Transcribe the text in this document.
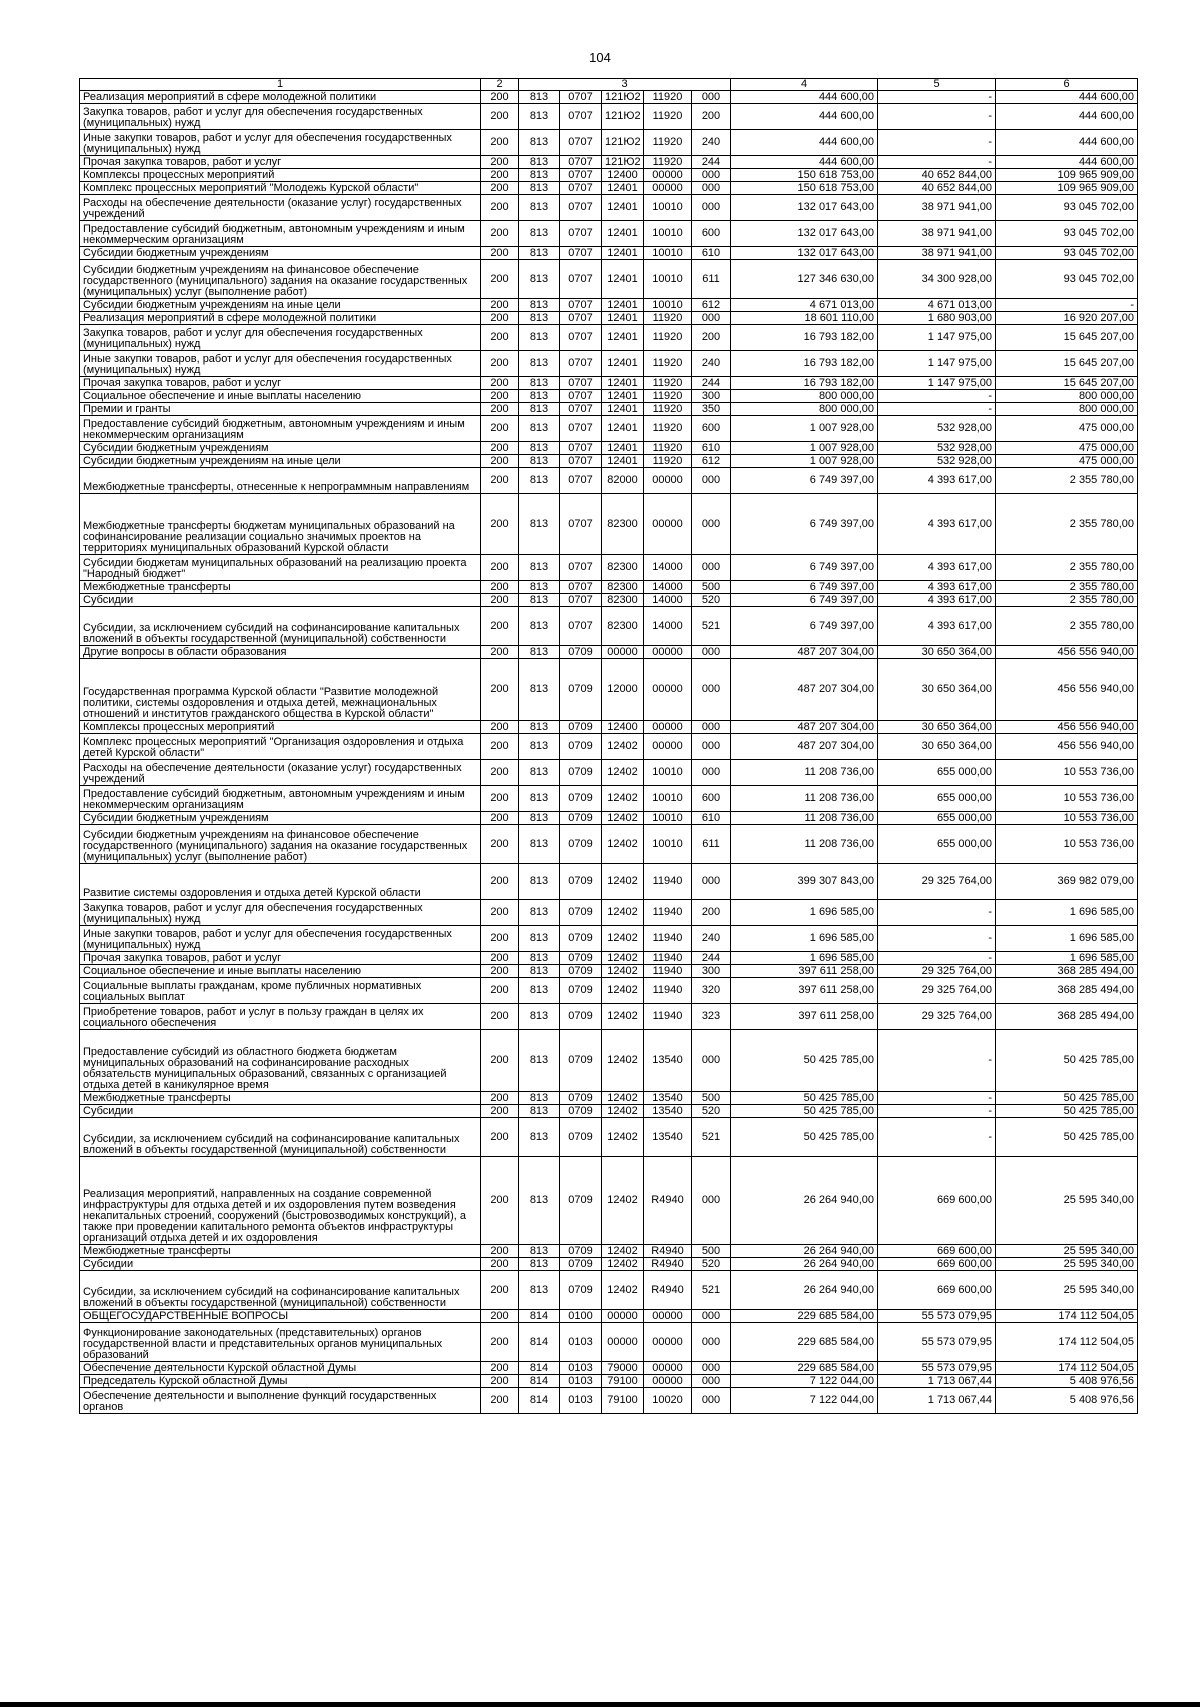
104
1	2	3					4	5	6
Реализация мероприятий в сфере молодежной политики	200	813	0707	121Ю2	11920	000	444 600,00	-	444 600,00
Закупка товаров, работ и услуг для обеспечения государственных (муниципальных) нужд	200	813	0707	121Ю2	11920	200	444 600,00	-	444 600,00
Иные закупки товаров, работ и услуг для обеспечения государственных (муниципальных) нужд	200	813	0707	121Ю2	11920	240	444 600,00	-	444 600,00
Прочая закупка товаров, работ и услуг	200	813	0707	121Ю2	11920	244	444 600,00	-	444 600,00
Комплексы процессных мероприятий	200	813	0707	12400	00000	000	150 618 753,00	40 652 844,00	109 965 909,00
Комплекс процессных мероприятий "Молодежь Курской области"	200	813	0707	12401	00000	000	150 618 753,00	40 652 844,00	109 965 909,00
Расходы на обеспечение деятельности (оказание услуг) государственных учреждений	200	813	0707	12401	10010	000	132 017 643,00	38 971 941,00	93 045 702,00
Предоставление субсидий бюджетным, автономным учреждениям и иным некоммерческим организациям	200	813	0707	12401	10010	600	132 017 643,00	38 971 941,00	93 045 702,00
Субсидии бюджетным учреждениям	200	813	0707	12401	10010	610	132 017 643,00	38 971 941,00	93 045 702,00
Субсидии бюджетным учреждениям на финансовое обеспечение государственного (муниципального) задания на оказание государственных (муниципальных) услуг (выполнение работ)	200	813	0707	12401	10010	611	127 346 630,00	34 300 928,00	93 045 702,00
Субсидии бюджетным учреждениям на иные цели	200	813	0707	12401	10010	612	4 671 013,00	4 671 013,00	-
Реализация мероприятий в сфере молодежной политики	200	813	0707	12401	11920	000	18 601 110,00	1 680 903,00	16 920 207,00
Закупка товаров, работ и услуг для обеспечения государственных (муниципальных) нужд	200	813	0707	12401	11920	200	16 793 182,00	1 147 975,00	15 645 207,00
Иные закупки товаров, работ и услуг для обеспечения государственных (муниципальных) нужд	200	813	0707	12401	11920	240	16 793 182,00	1 147 975,00	15 645 207,00
Прочая закупка товаров, работ и услуг	200	813	0707	12401	11920	244	16 793 182,00	1 147 975,00	15 645 207,00
Социальное обеспечение и иные выплаты населению	200	813	0707	12401	11920	300	800 000,00	-	800 000,00
Премии и гранты	200	813	0707	12401	11920	350	800 000,00	-	800 000,00
Предоставление субсидий бюджетным, автономным учреждениям и иным некоммерческим организациям	200	813	0707	12401	11920	600	1 007 928,00	532 928,00	475 000,00
Субсидии бюджетным учреждениям	200	813	0707	12401	11920	610	1 007 928,00	532 928,00	475 000,00
Субсидии бюджетным учреждениям на иные цели	200	813	0707	12401	11920	612	1 007 928,00	532 928,00	475 000,00
Межбюджетные трансферты, отнесенные к непрограммным направлениям	200	813	0707	82000	00000	000	6 749 397,00	4 393 617,00	2 355 780,00
Межбюджетные трансферты бюджетам муниципальных образований на софинансирование реализации социально значимых проектов на территориях муниципальных образований Курской области	200	813	0707	82300	00000	000	6 749 397,00	4 393 617,00	2 355 780,00
Субсидии бюджетам муниципальных образований на реализацию проекта "Народный бюджет"	200	813	0707	82300	14000	000	6 749 397,00	4 393 617,00	2 355 780,00
Межбюджетные трансферты	200	813	0707	82300	14000	500	6 749 397,00	4 393 617,00	2 355 780,00
Субсидии	200	813	0707	82300	14000	520	6 749 397,00	4 393 617,00	2 355 780,00
Субсидии, за исключением субсидий на софинансирование капитальных вложений в объекты государственной (муниципальной) собственности	200	813	0707	82300	14000	521	6 749 397,00	4 393 617,00	2 355 780,00
Другие вопросы в области образования	200	813	0709	00000	00000	000	487 207 304,00	30 650 364,00	456 556 940,00
Государственная программа Курской области "Развитие молодежной политики, системы оздоровления и отдыха детей, межнациональных отношений и институтов гражданского общества в Курской области"	200	813	0709	12000	00000	000	487 207 304,00	30 650 364,00	456 556 940,00
Комплексы процессных мероприятий	200	813	0709	12400	00000	000	487 207 304,00	30 650 364,00	456 556 940,00
Комплекс процессных мероприятий "Организация оздоровления и отдыха детей Курской области"	200	813	0709	12402	00000	000	487 207 304,00	30 650 364,00	456 556 940,00
Расходы на обеспечение деятельности (оказание услуг) государственных учреждений	200	813	0709	12402	10010	000	11 208 736,00	655 000,00	10 553 736,00
Предоставление субсидий бюджетным, автономным учреждениям и иным некоммерческим организациям	200	813	0709	12402	10010	600	11 208 736,00	655 000,00	10 553 736,00
Субсидии бюджетным учреждениям	200	813	0709	12402	10010	610	11 208 736,00	655 000,00	10 553 736,00
Субсидии бюджетным учреждениям на финансовое обеспечение государственного (муниципального) задания на оказание государственных (муниципальных) услуг (выполнение работ)	200	813	0709	12402	10010	611	11 208 736,00	655 000,00	10 553 736,00
Развитие системы оздоровления и отдыха детей Курской области	200	813	0709	12402	11940	000	399 307 843,00	29 325 764,00	369 982 079,00
Закупка товаров, работ и услуг для обеспечения государственных (муниципальных) нужд	200	813	0709	12402	11940	200	1 696 585,00	-	1 696 585,00
Иные закупки товаров, работ и услуг для обеспечения государственных (муниципальных) нужд	200	813	0709	12402	11940	240	1 696 585,00	-	1 696 585,00
Прочая закупка товаров, работ и услуг	200	813	0709	12402	11940	244	1 696 585,00	-	1 696 585,00
Социальное обеспечение и иные выплаты населению	200	813	0709	12402	11940	300	397 611 258,00	29 325 764,00	368 285 494,00
Социальные выплаты гражданам, кроме публичных нормативных социальных выплат	200	813	0709	12402	11940	320	397 611 258,00	29 325 764,00	368 285 494,00
Приобретение товаров, работ и услуг в пользу граждан в целях их социального обеспечения	200	813	0709	12402	11940	323	397 611 258,00	29 325 764,00	368 285 494,00
Предоставление субсидий из областного бюджета бюджетам муниципальных образований на софинансирование расходных обязательств муниципальных образований, связанных с организацией отдыха детей в каникулярное время	200	813	0709	12402	13540	000	50 425 785,00	-	50 425 785,00
Межбюджетные трансферты	200	813	0709	12402	13540	500	50 425 785,00	-	50 425 785,00
Субсидии	200	813	0709	12402	13540	520	50 425 785,00	-	50 425 785,00
Субсидии, за исключением субсидий на софинансирование капитальных вложений в объекты государственной (муниципальной) собственности	200	813	0709	12402	13540	521	50 425 785,00	-	50 425 785,00
Реализация мероприятий, направленных на создание современной инфраструктуры для отдыха детей и их оздоровления путем возведения некапитальных строений, сооружений (быстровозводимых конструкций), а также при проведении капитального ремонта объектов инфраструктуры организаций отдыха детей и их оздоровления	200	813	0709	12402	R4940	000	26 264 940,00	669 600,00	25 595 340,00
Межбюджетные трансферты	200	813	0709	12402	R4940	500	26 264 940,00	669 600,00	25 595 340,00
Субсидии	200	813	0709	12402	R4940	520	26 264 940,00	669 600,00	25 595 340,00
Субсидии, за исключением субсидий на софинансирование капитальных вложений в объекты государственной (муниципальной) собственности	200	813	0709	12402	R4940	521	26 264 940,00	669 600,00	25 595 340,00
ОБЩЕГОСУДАРСТВЕННЫЕ ВОПРОСЫ	200	814	0100	00000	00000	000	229 685 584,00	55 573 079,95	174 112 504,05
Функционирование законодательных (представительных) органов государственной власти и представительных органов муниципальных образований	200	814	0103	00000	00000	000	229 685 584,00	55 573 079,95	174 112 504,05
Обеспечение деятельности Курской областной Думы	200	814	0103	79000	00000	000	229 685 584,00	55 573 079,95	174 112 504,05
Председатель Курской областной Думы	200	814	0103	79100	00000	000	7 122 044,00	1 713 067,44	5 408 976,56
Обеспечение деятельности и выполнение функций государственных органов	200	814	0103	79100	10020	000	7 122 044,00	1 713 067,44	5 408 976,56
